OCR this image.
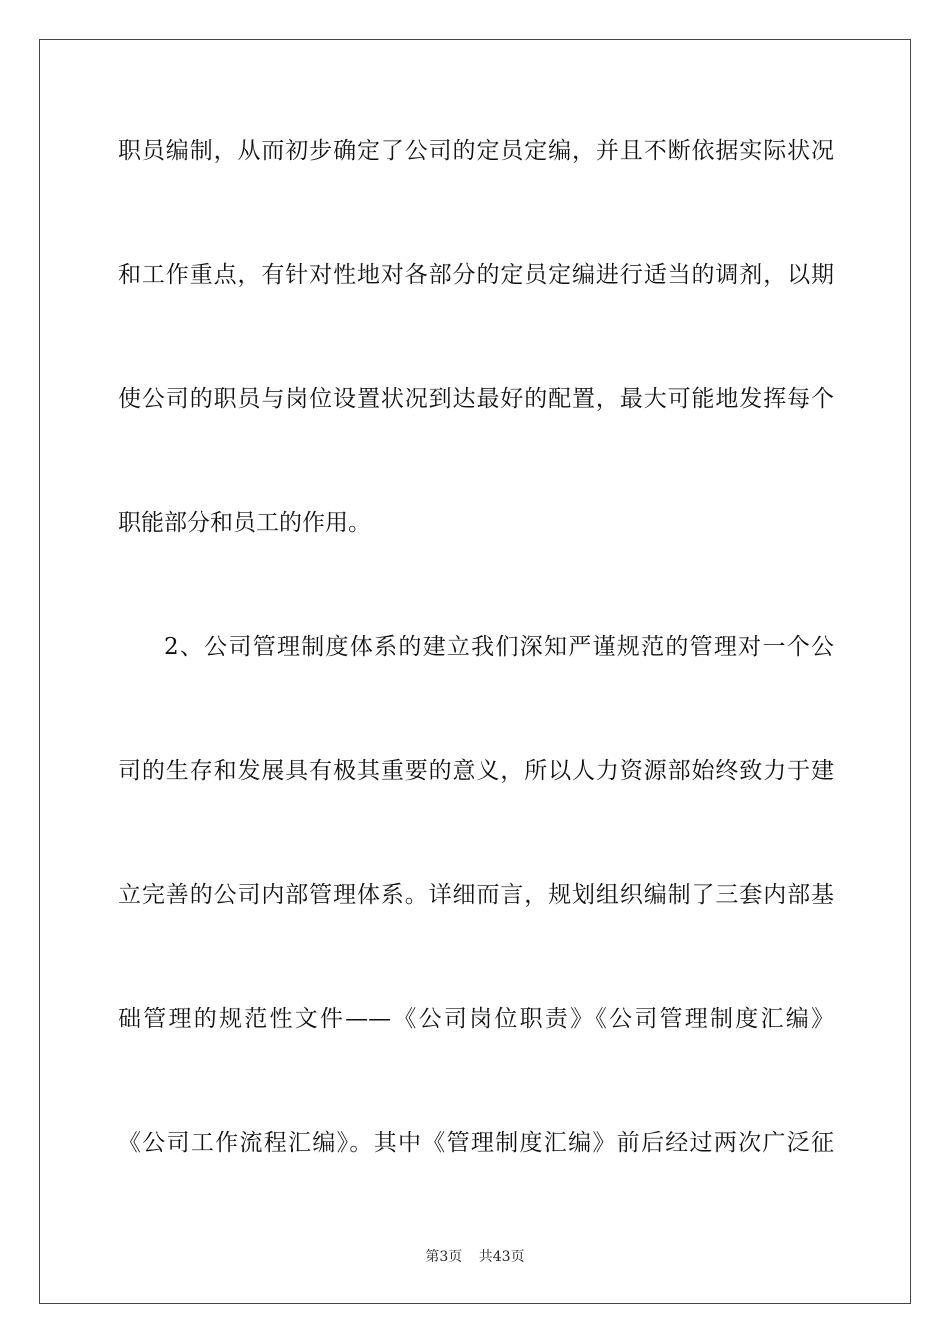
职员编制，从而初步确定了公司的定员定编，并且不断依据实际状况
和工作重点，有针对性地对各部分的定员定编进行适当的调剂，以期
使公司的职员与岗位设置状况到达最好的配置，最大可能地发挥每个
职能部分和员工的作用。
2、公司管理制度体系的建立我们深知严谨规范的管理对一个公
司的生存和发展具有极其重要的意义，所以人力资源部始终致力于建
立完善的公司内部管理体系。详细而言，规划组织编制了三套内部基
础管理的规范性文件——《公司岗位职责》《公司管理制度汇编》
《公司工作流程汇编》。其中《管理制度汇编》前后经过两次广泛征
第3页 共43页
